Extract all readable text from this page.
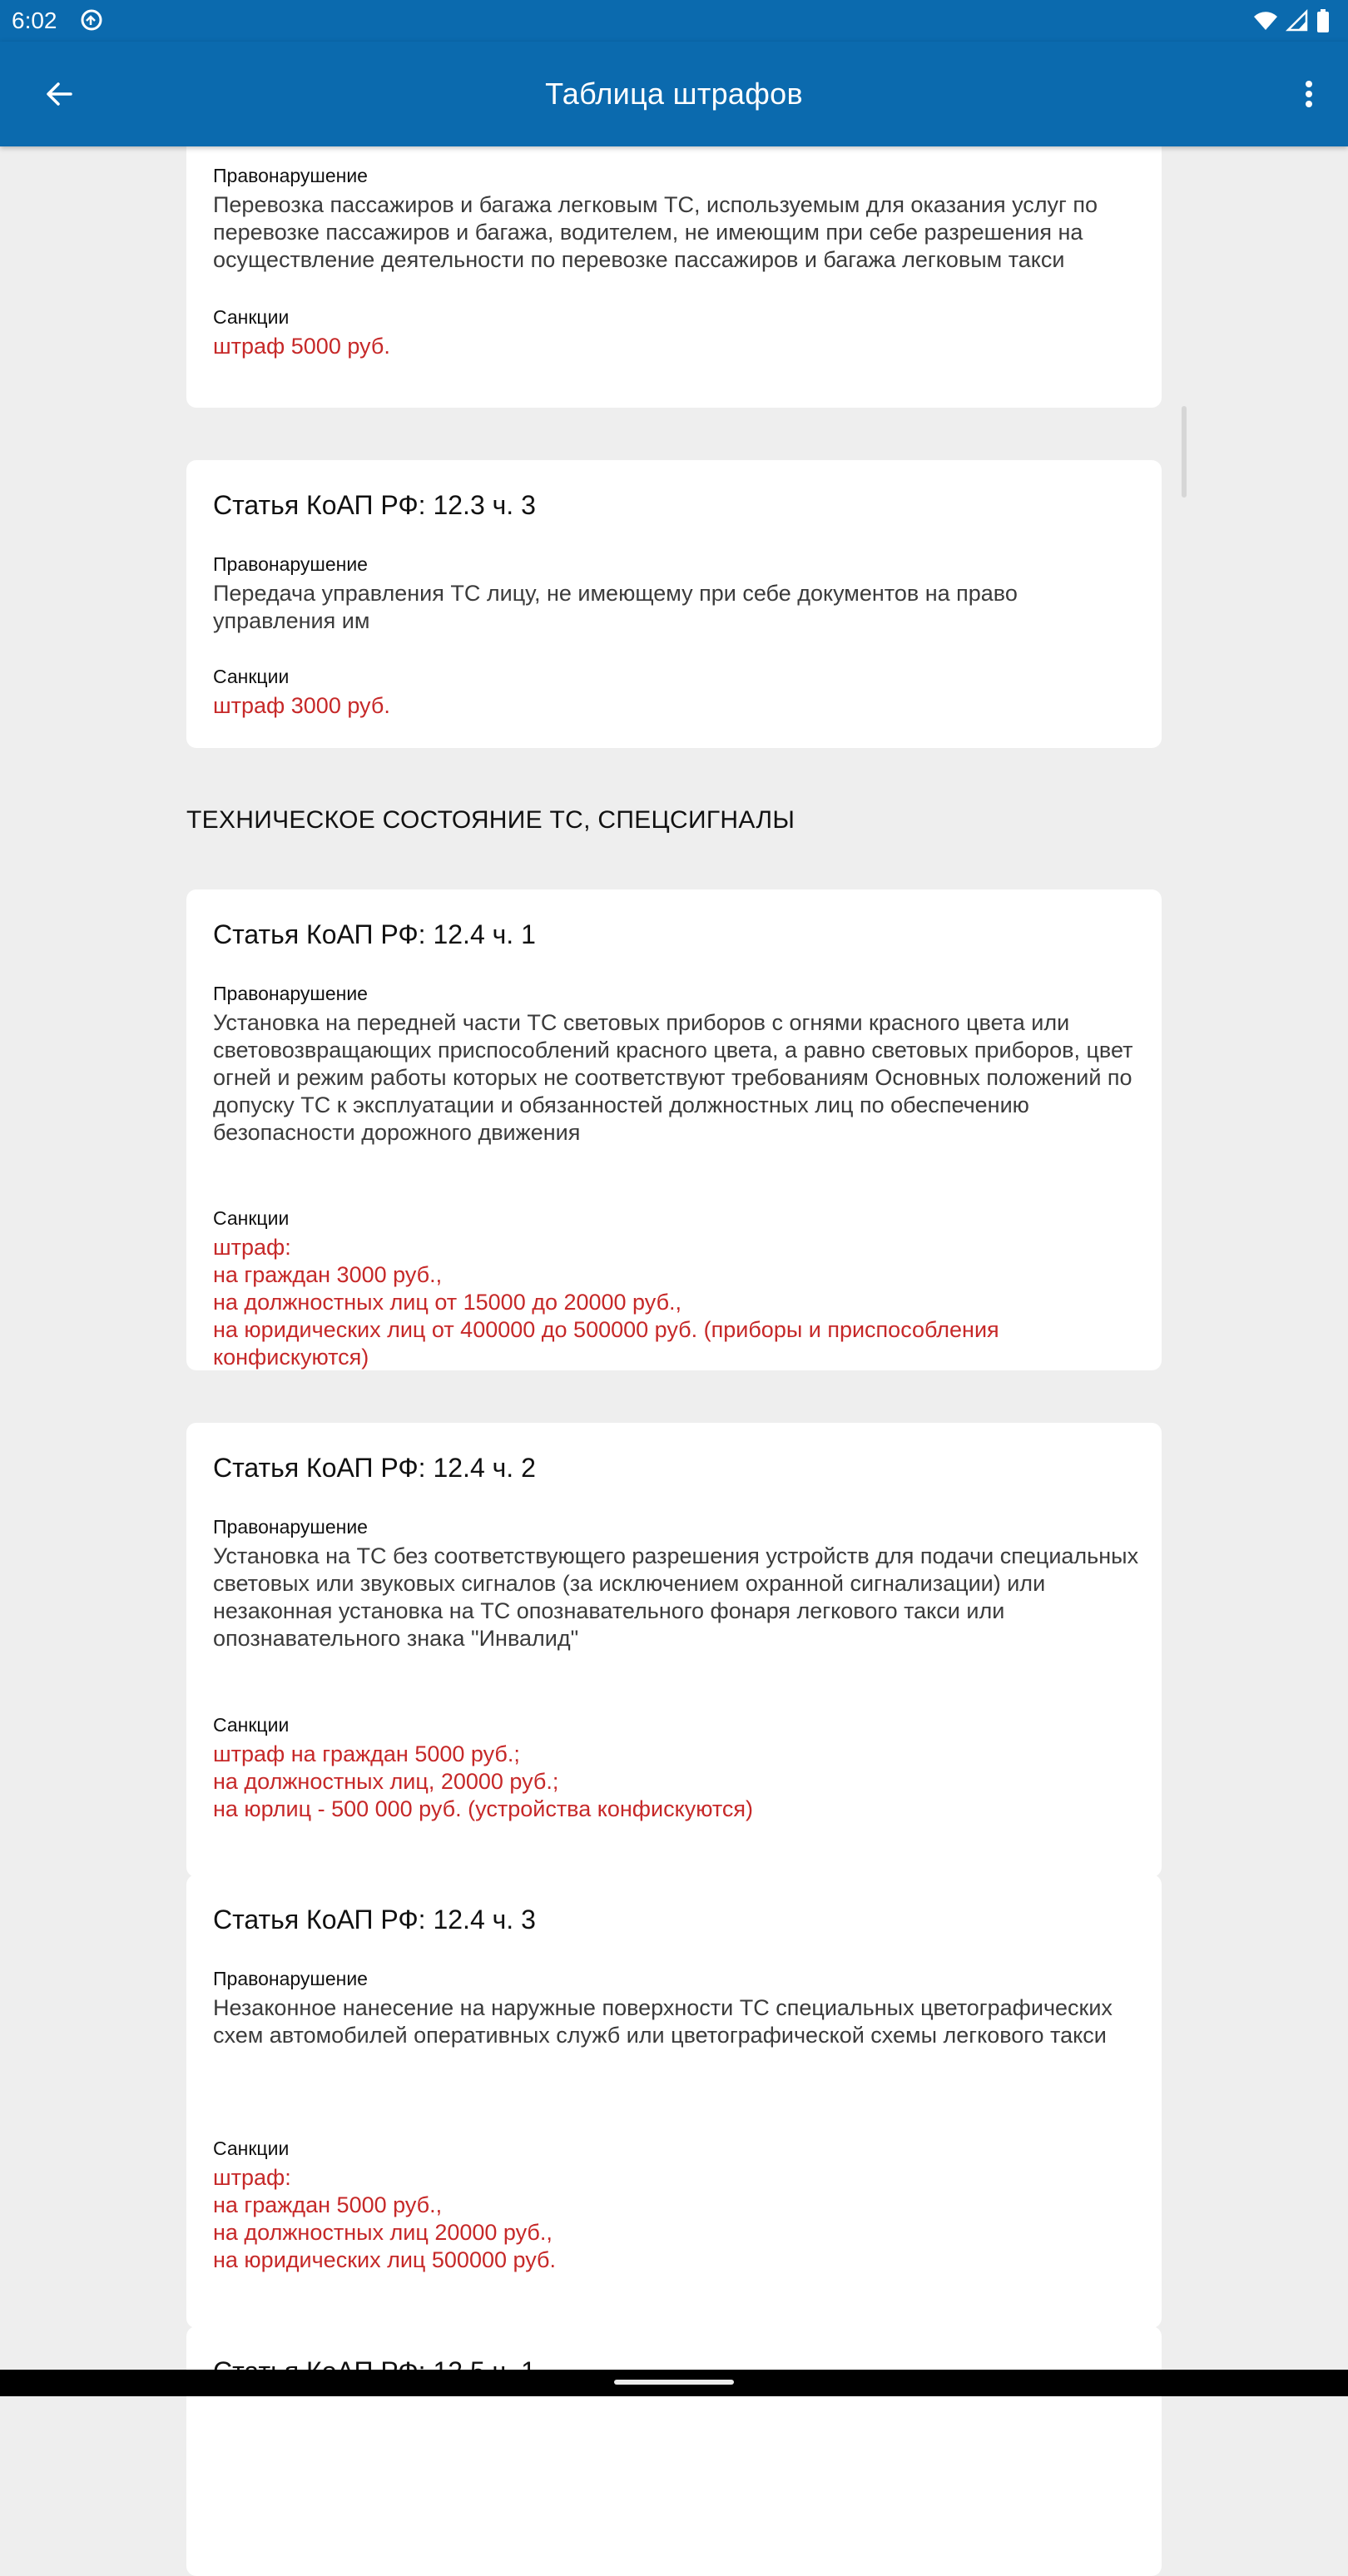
6:02
Таблица штрафов
Правонарушение
Перевозка пассажиров и багажа легковым ТС, используемым для оказания услуг по перевозке пассажиров и багажа, водителем, не имеющим при себе разрешения на осуществление деятельности по перевозке пассажиров и багажа легковым такси
Санкции
штраф 5000 руб.
Статья КоАП РФ: 12.3 ч. 3
Правонарушение
Передача управления ТС лицу, не имеющему при себе документов на право управления им
Санкции
штраф 3000 руб.
ТЕХНИЧЕСКОЕ СОСТОЯНИЕ ТС, СПЕЦСИГНАЛЫ
Статья КоАП РФ: 12.4 ч. 1
Правонарушение
Установка на передней части ТС световых приборов с огнями красного цвета или световозвращающих приспособлений красного цвета, а равно световых приборов, цвет огней и режим работы которых не соответствуют требованиям Основных положений по допуску ТС к эксплуатации и обязанностей должностных лиц по обеспечению безопасности дорожного движения
Санкции
штраф:
на граждан 3000 руб.,
на должностных лиц от 15000 до 20000 руб.,
на юридических лиц от 400000 до 500000 руб. (приборы и приспособления конфискуются)
Статья КоАП РФ: 12.4 ч. 2
Правонарушение
Установка на ТС без соответствующего разрешения устройств для подачи специальных световых или звуковых сигналов (за исключением охранной сигнализации) или незаконная установка на ТС опознавательного фонаря легкового такси или опознавательного знака "Инвалид"
Санкции
штраф на граждан 5000 руб.;
на должностных лиц, 20000 руб.;
на юрлиц - 500 000 руб. (устройства конфискуются)
Статья КоАП РФ: 12.4 ч. 3
Правонарушение
Незаконное нанесение на наружные поверхности ТС специальных цветографических схем автомобилей оперативных служб или цветографической схемы легкового такси
Санкции
штраф:
на граждан 5000 руб.,
на должностных лиц 20000 руб.,
на юридических лиц 500000 руб.
